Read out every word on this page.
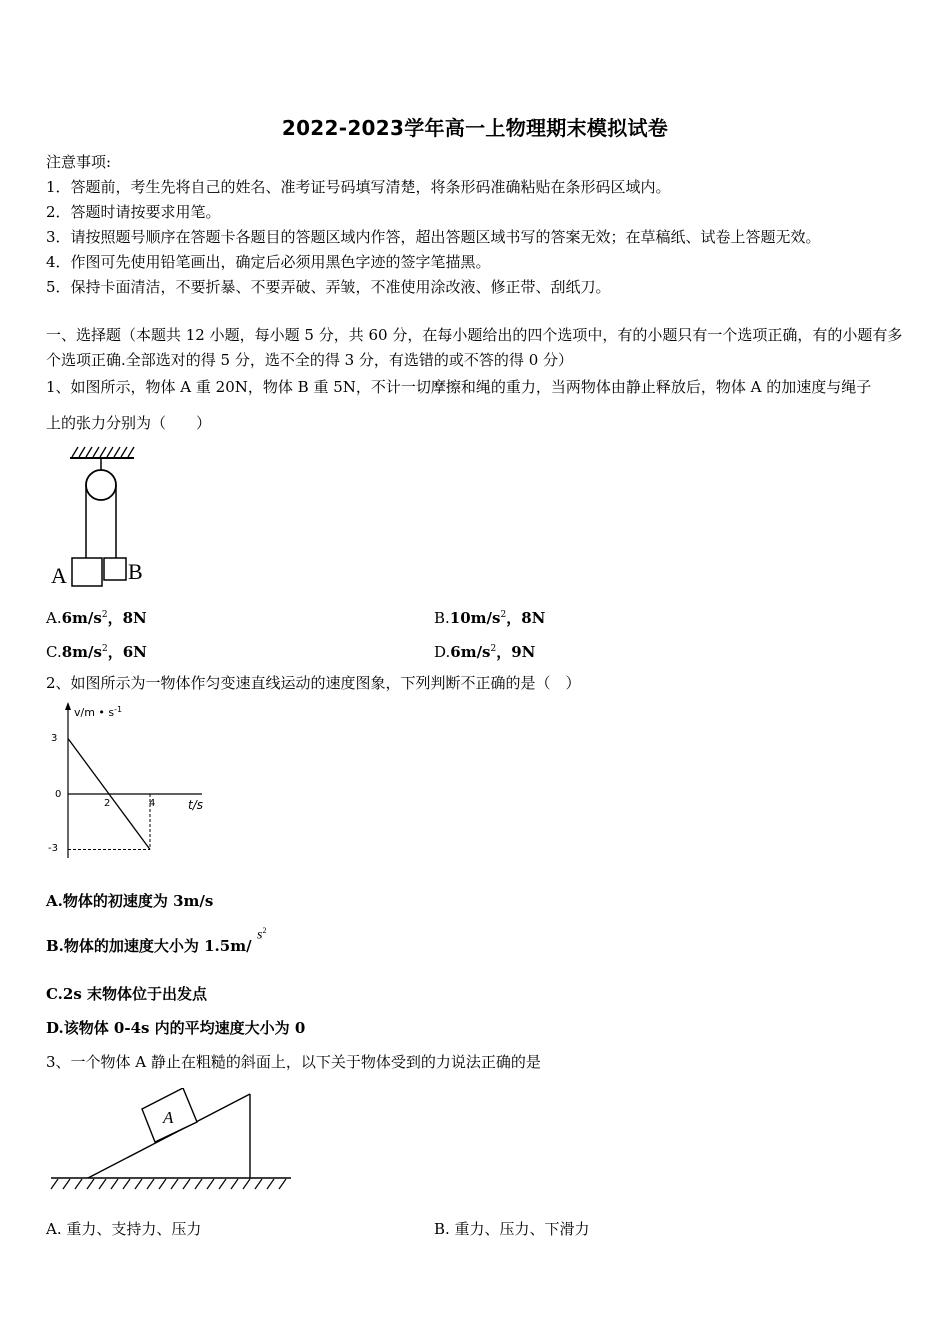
2022-2023学年高一上物理期末模拟试卷
注意事项:
1．答题前，考生先将自己的姓名、准考证号码填写清楚，将条形码准确粘贴在条形码区域内。
2．答题时请按要求用笔。
3．请按照题号顺序在答题卡各题目的答题区域内作答，超出答题区域书写的答案无效；在草稿纸、试卷上答题无效。
4．作图可先使用铅笔画出，确定后必须用黑色字迹的签字笔描黑。
5．保持卡面清洁，不要折暴、不要弄破、弄皱，不准使用涂改液、修正带、刮纸刀。
一、选择题（本题共 12 小题，每小题 5 分，共 60 分，在每小题给出的四个选项中，有的小题只有一个选项正确，有的小题有多个选项正确.全部选对的得 5 分，选不全的得 3 分，有选错的或不答的得 0 分）
1、如图所示，物体 A 重 20N，物体 B 重 5N，不计一切摩擦和绳的重力，当两物体由静止释放后，物体 A 的加速度与绳子
上的张力分别为（　　）
A	B
$A.6m/s^2$，8N	$B.10m/s^2$，8N
$C.8m/s^2$，6N	$D.6m/s^2$，9N
2、如图所示为一物体作匀变速直线运动的速度图象，下列判断不正确的是（　）
v/m • $s^{-1}$
t/s
3
0
-3
2	4
A.物体的初速度为 3m/s
B.物体的加速度大小为 1.5m/
$s^2$
C.2s 末物体位于出发点
D.该物体 0-4s 内的平均速度大小为 0
3、一个物体 A 静止在粗糙的斜面上，以下关于物体受到的力说法正确的是
A
A. 重力、支持力、压力	B. 重力、压力、下滑力
